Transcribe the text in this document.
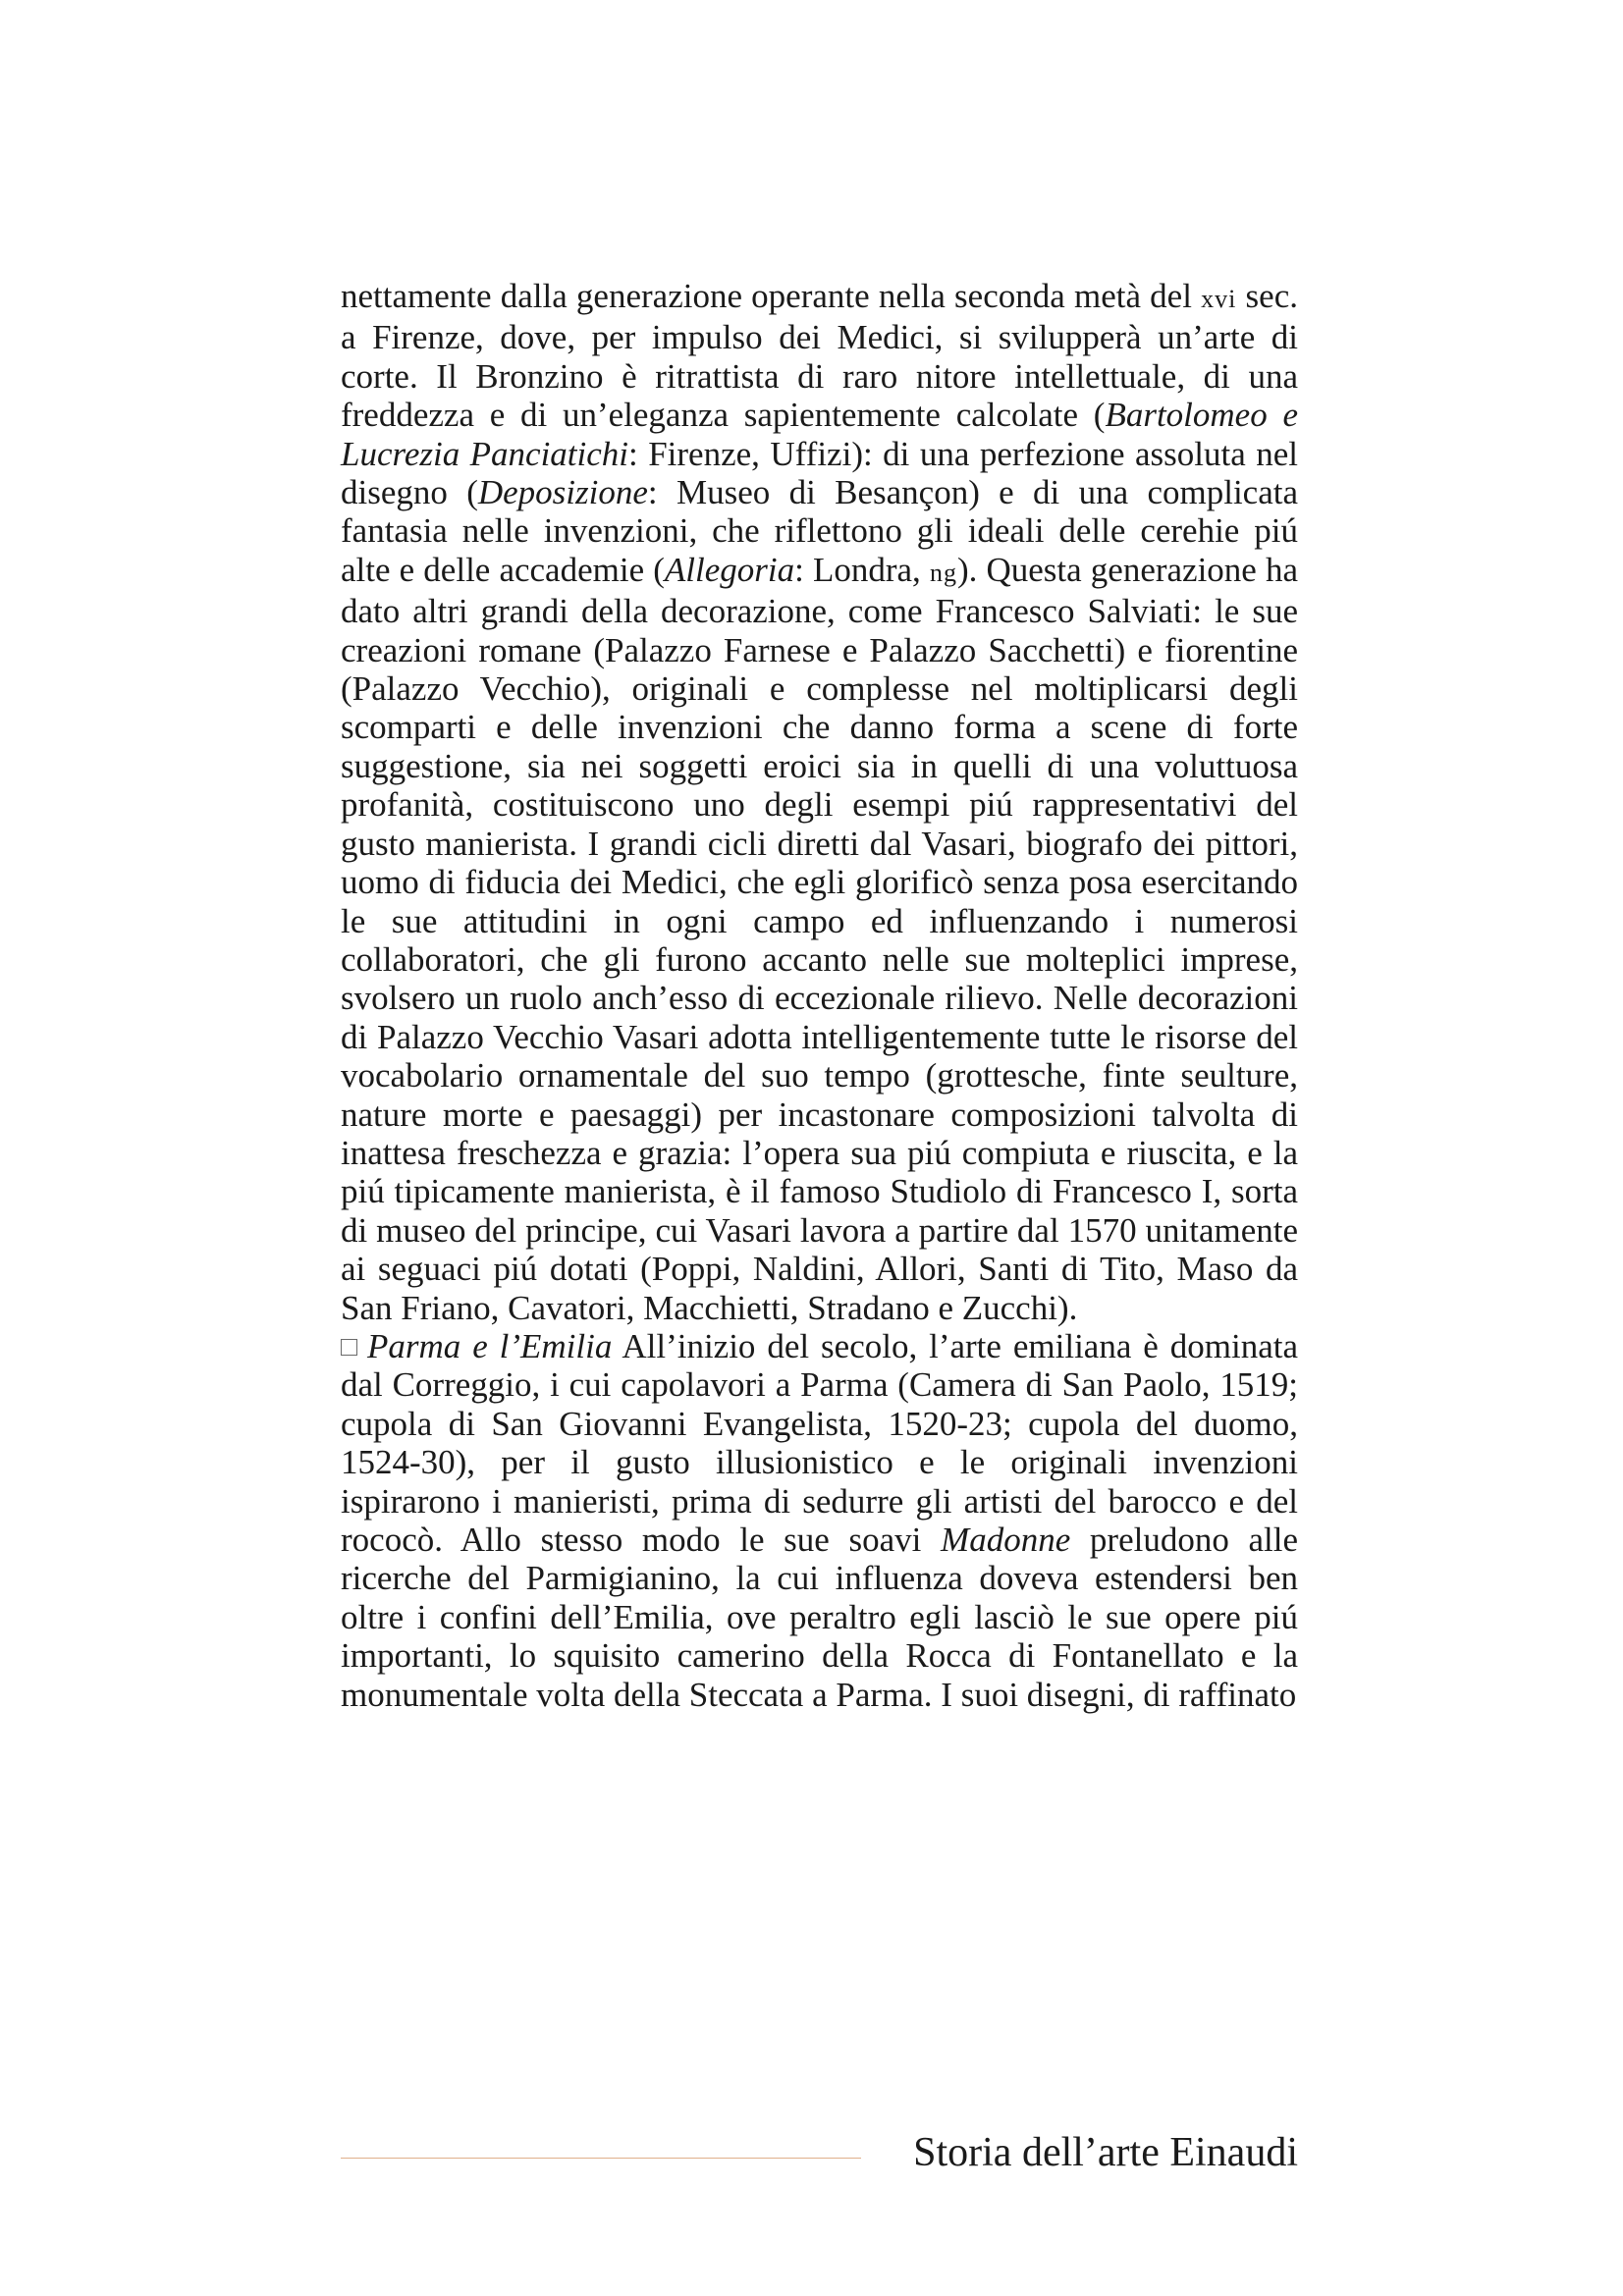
nettamente dalla generazione operante nella seconda metà del xvi sec. a Firenze, dove, per impulso dei Medici, si svilupperà un’arte di corte. Il Bronzino è ritrattista di raro nitore intellettuale, di una freddezza e di un’eleganza sapientemente calcolate (Bartolomeo e Lucrezia Panciatichi: Firenze, Uffizi): di una perfezione assoluta nel disegno (Deposizione: Museo di Besançon) e di una complicata fantasia nelle invenzioni, che riflettono gli ideali delle cerehie piú alte e delle accademie (Allegoria: Londra, ng). Questa generazione ha dato altri grandi della decorazione, come Francesco Salviati: le sue creazioni romane (Palazzo Farnese e Palazzo Sacchetti) e fiorentine (Palazzo Vecchio), originali e complesse nel moltiplicarsi degli scomparti e delle invenzioni che danno forma a scene di forte suggestione, sia nei soggetti eroici sia in quelli di una voluttuosa profanità, costituiscono uno degli esempi piú rappresentativi del gusto manierista. I grandi cicli diretti dal Vasari, biografo dei pittori, uomo di fiducia dei Medici, che egli glorificò senza posa esercitando le sue attitudini in ogni campo ed influenzando i numerosi collaboratori, che gli furono accanto nelle sue molteplici imprese, svolsero un ruolo anch’esso di eccezionale rilievo. Nelle decorazioni di Palazzo Vecchio Vasari adotta intelligentemente tutte le risorse del vocabolario ornamentale del suo tempo (grottesche, finte seulture, nature morte e paesaggi) per incastonare composizioni talvolta di inattesa freschezza e grazia: l’opera sua piú compiuta e riuscita, e la piú tipicamente manierista, è il famoso Studiolo di Francesco I, sorta di museo del principe, cui Vasari lavora a partire dal 1570 unitamente ai seguaci piú dotati (Poppi, Naldini, Allori, Santi di Tito, Maso da San Friano, Cavatori, Macchietti, Stradano e Zucchi).

Parma e l’Emilia All’inizio del secolo, l’arte emiliana è dominata dal Correggio, i cui capolavori a Parma (Camera di San Paolo, 1519; cupola di San Giovanni Evangelista, 1520-23; cupola del duomo, 1524-30), per il gusto illusionistico e le originali invenzioni ispirarono i manieristi, prima di sedurre gli artisti del barocco e del rococò. Allo stesso modo le sue soavi Madonne preludono alle ricerche del Parmigianino, la cui influenza doveva estendersi ben oltre i confini dell’Emilia, ove peraltro egli lasciò le sue opere piú importanti, lo squisito camerino della Rocca di Fontanellato e la monumentale volta della Steccata a Parma. I suoi disegni, di raffinato

Storia dell’arte Einaudi
